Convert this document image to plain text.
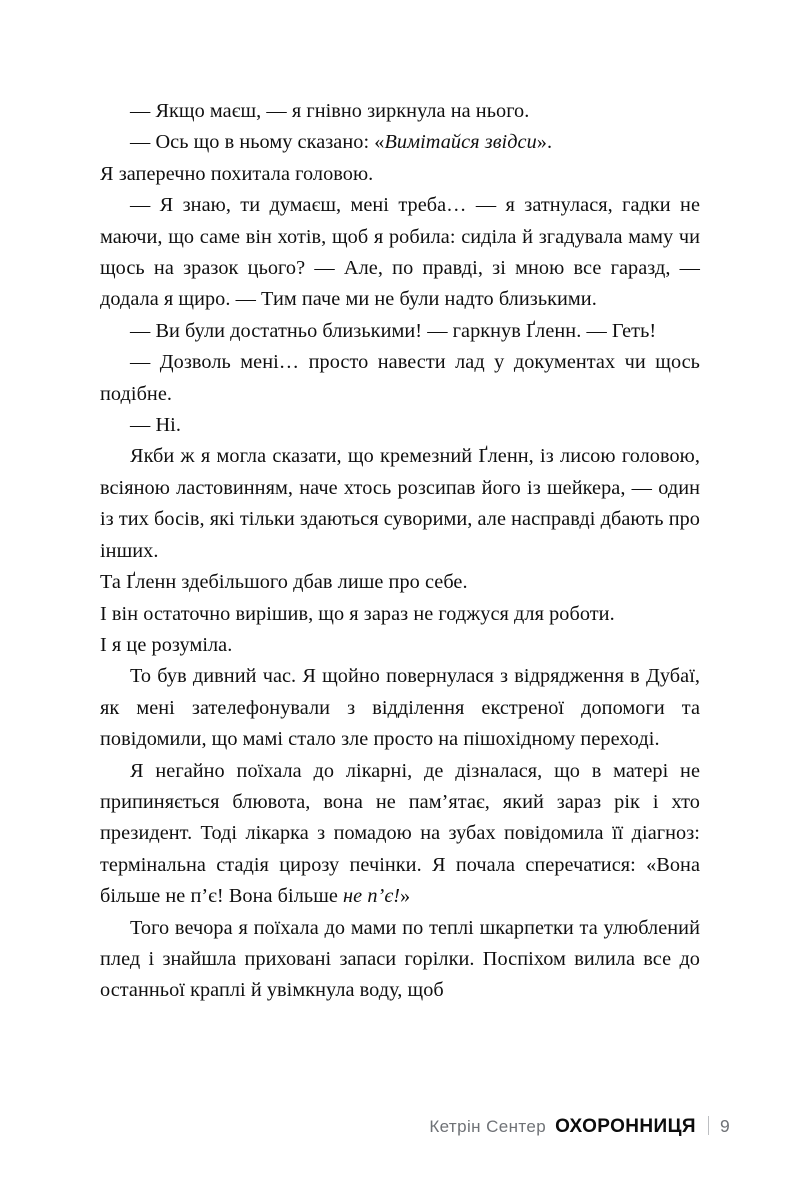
— Якщо маєш, — я гнівно зиркнула на нього.

— Ось що в ньому сказано: «Вимітайся звідси».

Я заперечно похитала головою.

— Я знаю, ти думаєш, мені треба… — я затнулася, гадки не маючи, що саме він хотів, щоб я робила: сиділа й згадувала маму чи щось на зразок цього? — Але, по правді, зі мною все гаразд, — додала я щиро. — Тим паче ми не були надто близькими.

— Ви були достатньо близькими! — гаркнув Ґленн. — Геть!

— Дозволь мені… просто навести лад у документах чи щось подібне.

— Ні.

Якби ж я могла сказати, що кремезний Ґленн, із лисою головою, всіяною ластовинням, наче хтось розсипав його із шейкера, — один із тих босів, які тільки здаються суворими, але насправді дбають про інших.

Та Ґленн здебільшого дбав лише про себе.

І він остаточно вирішив, що я зараз не годжуся для роботи.

І я це розуміла.

То був дивний час. Я щойно повернулася з відрядження в Дубаї, як мені зателефонували з відділення екстреної допомоги та повідомили, що мамі стало зле просто на пішохідному переході.

Я негайно поїхала до лікарні, де дізналася, що в матері не припиняється блювота, вона не пам’ятає, який зараз рік і хто президент. Тоді лікарка з помадою на зубах повідомила її діагноз: термінальна стадія цирозу печінки. Я почала сперечатися: «Вона більше не п’є! Вона більше не п’є!»

Того вечора я поїхала до мами по теплі шкарпетки та улюблений плед і знайшла приховані запаси горілки. Поспіхом вилила все до останньої краплі й увімкнула воду, щоб

Кетрін Сентер ОХОРОННИЦЯ 9
